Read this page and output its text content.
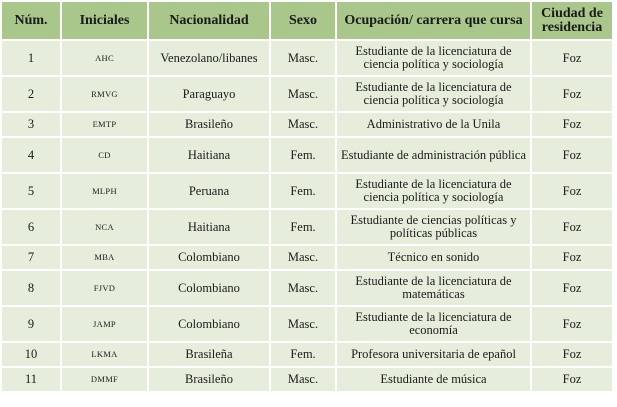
Núm.	Iniciales	Nacionalidad	Sexo	Ocupación/ carrera que cursa	Ciudad de residencia
1	AHC	Venezolano/libanes	Masc.	Estudiante de la licenciatura de ciencia política y sociología	Foz
2	RMVG	Paraguayo	Masc.	Estudiante de la licenciatura de ciencia política y sociología	Foz
3	EMTP	Brasileño	Masc.	Administrativo de la Unila	Foz
4	CD	Haitiana	Fem.	Estudiante de administración pública	Foz
5	MLPH	Peruana	Fem.	Estudiante de la licenciatura de ciencia política y sociología	Foz
6	NCA	Haitiana	Fem.	Estudiante de ciencias políticas y políticas públicas	Foz
7	MBA	Colombiano	Masc.	Técnico en sonido	Foz
8	FJVD	Colombiano	Masc.	Estudiante de la licenciatura de matemáticas	Foz
9	JAMP	Colombiano	Masc.	Estudiante de la licenciatura de economía	Foz
10	LKMA	Brasileña	Fem.	Profesora universitaria de epañol	Foz
11	DMMF	Brasileño	Masc.	Estudiante de música	Foz
